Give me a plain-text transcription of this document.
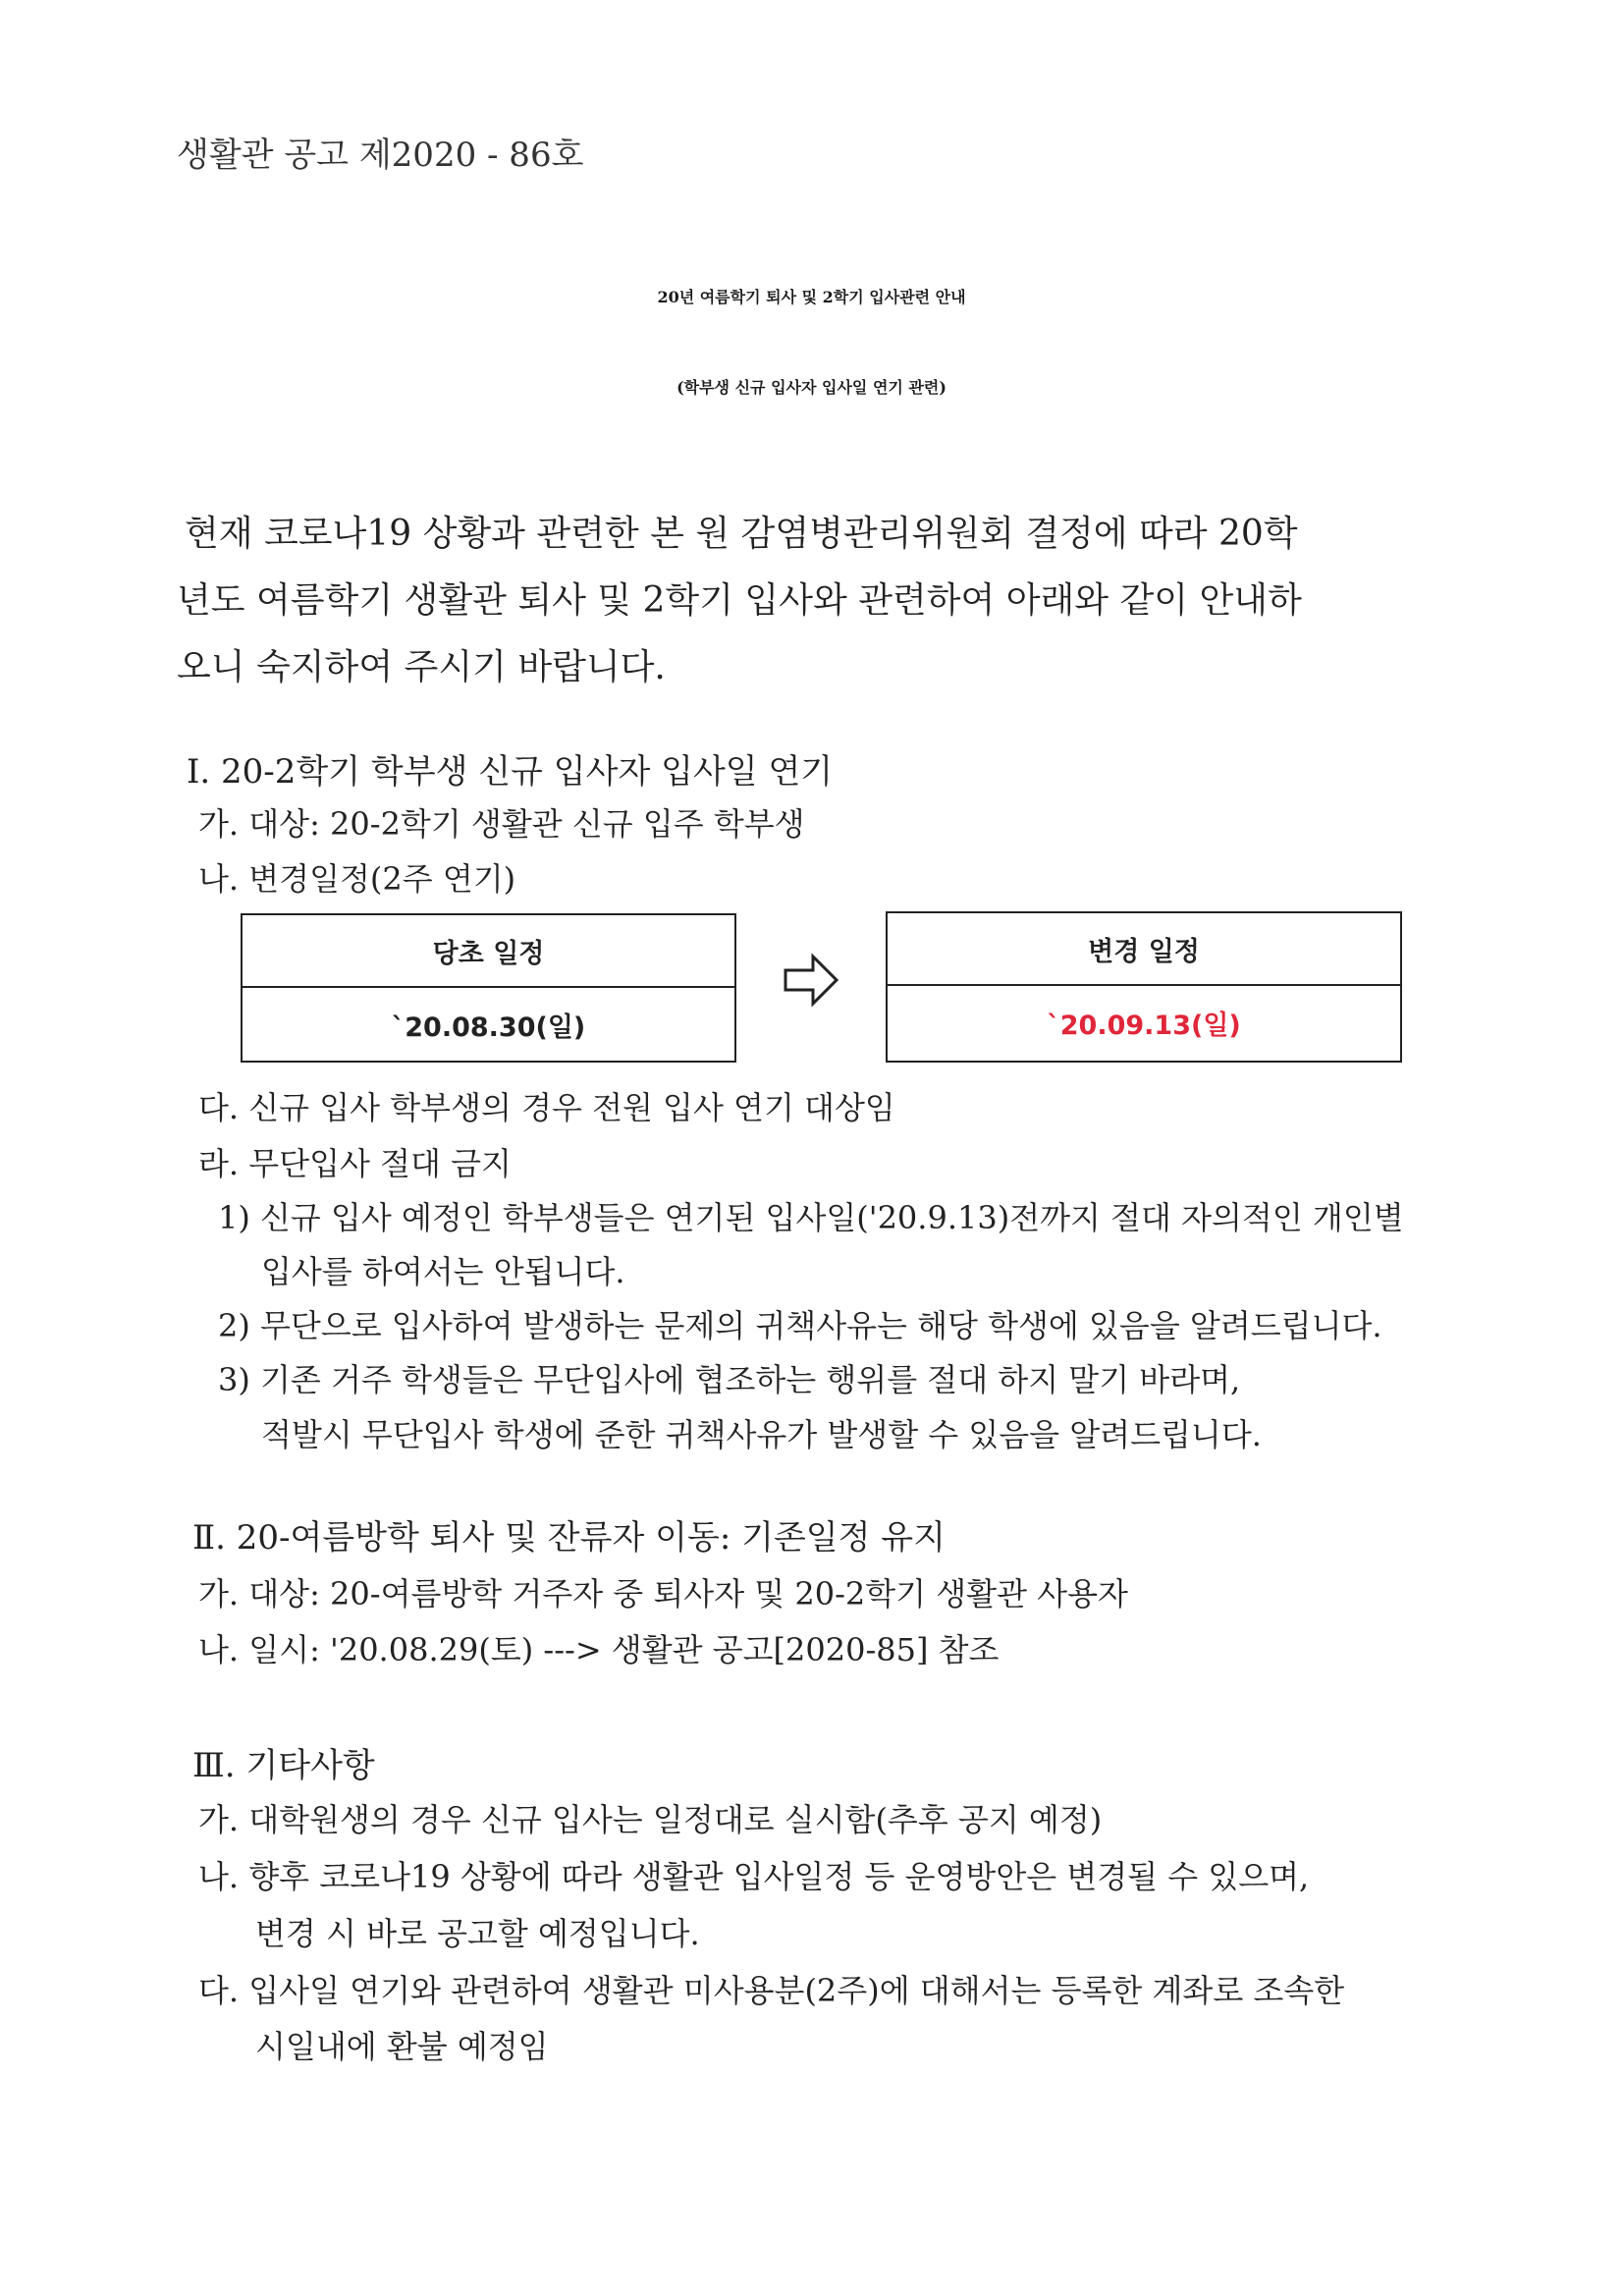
생활관 공고 제2020 - 86호
20년 여름학기 퇴사 및 2학기 입사관련 안내
(학부생 신규 입사자 입사일 연기 관련)
현재 코로나19 상황과 관련한 본 원 감염병관리위원회 결정에 따라 20학
년도 여름학기 생활관 퇴사 및 2학기 입사와 관련하여 아래와 같이 안내하
오니 숙지하여 주시기 바랍니다.
Ⅰ. 20-2학기 학부생 신규 입사자 입사일 연기
가. 대상: 20-2학기 생활관 신규 입주 학부생
나. 변경일정(2주 연기)
당초 일정
`20.08.30(일)
변경 일정
`20.09.13(일)
다. 신규 입사 학부생의 경우 전원 입사 연기 대상임
라. 무단입사 절대 금지
1) 신규 입사 예정인 학부생들은 연기된 입사일('20.9.13)전까지 절대 자의적인 개인별
입사를 하여서는 안됩니다.
2) 무단으로 입사하여 발생하는 문제의 귀책사유는 해당 학생에 있음을 알려드립니다.
3) 기존 거주 학생들은 무단입사에 협조하는 행위를 절대 하지 말기 바라며,
적발시 무단입사 학생에 준한 귀책사유가 발생할 수 있음을 알려드립니다.
Ⅱ. 20-여름방학 퇴사 및 잔류자 이동: 기존일정 유지
가. 대상: 20-여름방학 거주자 중 퇴사자 및 20-2학기 생활관 사용자
나. 일시: '20.08.29(토) ---> 생활관 공고[2020-85] 참조
Ⅲ. 기타사항
가. 대학원생의 경우 신규 입사는 일정대로 실시함(추후 공지 예정)
나. 향후 코로나19 상황에 따라 생활관 입사일정 등 운영방안은 변경될 수 있으며,
변경 시 바로 공고할 예정입니다.
다. 입사일 연기와 관련하여 생활관 미사용분(2주)에 대해서는 등록한 계좌로 조속한
시일내에 환불 예정임
